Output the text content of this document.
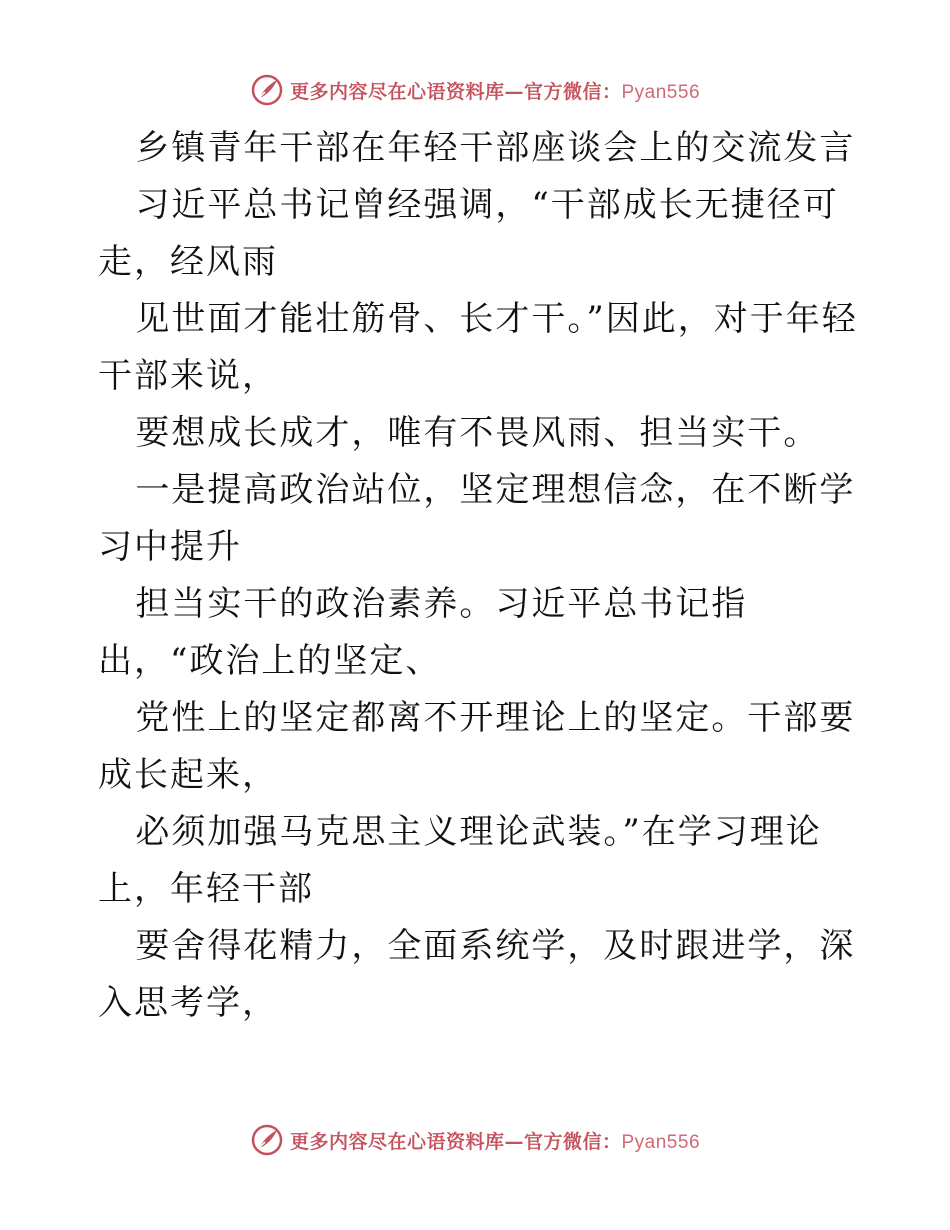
更多内容尽在心语资料库—官方微信：Pyan556

乡镇青年干部在年轻干部座谈会上的交流发言

习近平总书记曾经强调，“干部成长无捷径可走，经风雨

见世面才能壮筋骨、长才干。”因此，对于年轻干部来说，

要想成长成才，唯有不畏风雨、担当实干。

一是提高政治站位，坚定理想信念，在不断学习中提升

担当实干的政治素养。习近平总书记指出，“政治上的坚定、

党性上的坚定都离不开理论上的坚定。干部要成长起来，

必须加强马克思主义理论武装。”在学习理论上，年轻干部

要舍得花精力，全面系统学，及时跟进学，深入思考学，

更多内容尽在心语资料库—官方微信：Pyan556
